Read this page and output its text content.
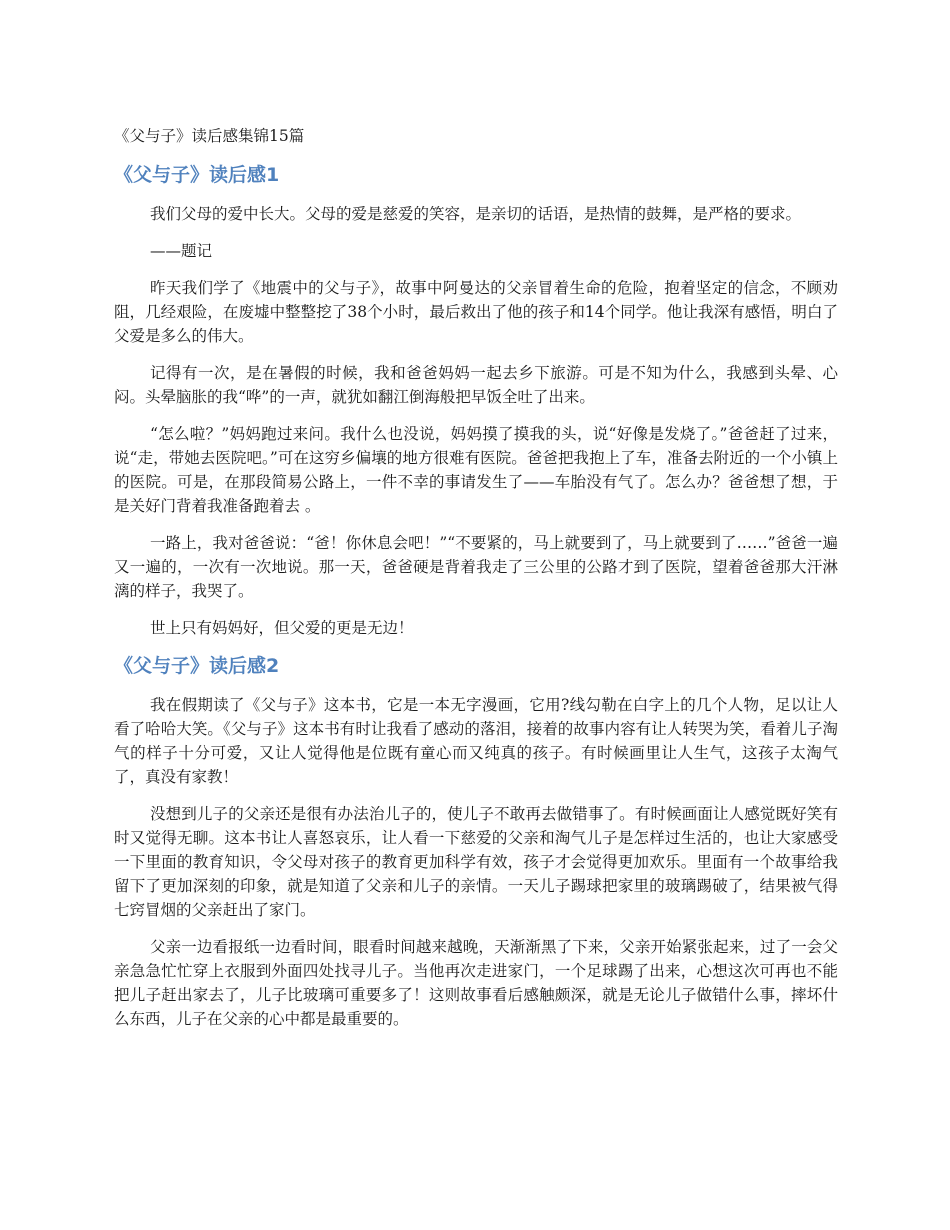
《父与子》读后感集锦15篇
《父与子》读后感1

我们父母的爱中长大。父母的爱是慈爱的笑容，是亲切的话语，是热情的鼓舞，是严格的要求。

——题记

昨天我们学了《地震中的父与子》，故事中阿曼达的父亲冒着生命的危险，抱着坚定的信念，不顾劝阻，几经艰险，在废墟中整整挖了38个小时，最后救出了他的孩子和14个同学。他让我深有感悟，明白了父爱是多么的伟大。

记得有一次，是在暑假的时候，我和爸爸妈妈一起去乡下旅游。可是不知为什么，我感到头晕、心闷。头晕脑胀的我“哗”的一声，就犹如翻江倒海般把早饭全吐了出来。

“怎么啦？”妈妈跑过来问。我什么也没说，妈妈摸了摸我的头，说“好像是发烧了。”爸爸赶了过来，说“走，带她去医院吧。”可在这穷乡偏壤的地方很难有医院。爸爸把我抱上了车，准备去附近的一个小镇上的医院。可是，在那段简易公路上，一件不幸的事请发生了——车胎没有气了。怎么办？爸爸想了想，于是关好门背着我准备跑着去 。

一路上，我对爸爸说：“爸！你休息会吧！”“不要紧的，马上就要到了，马上就要到了……”爸爸一遍又一遍的，一次有一次地说。那一天，爸爸硬是背着我走了三公里的公路才到了医院，望着爸爸那大汗淋漓的样子，我哭了。

世上只有妈妈好，但父爱的更是无边！

《父与子》读后感2

我在假期读了《父与子》这本书，它是一本无字漫画，它用?线勾勒在白字上的几个人物，足以让人看了哈哈大笑。《父与子》这本书有时让我看了感动的落泪，接着的故事内容有让人转哭为笑，看着儿子淘气的样子十分可爱，又让人觉得他是位既有童心而又纯真的孩子。有时候画里让人生气，这孩子太淘气了，真没有家教！

没想到儿子的父亲还是很有办法治儿子的，使儿子不敢再去做错事了。有时候画面让人感觉既好笑有时又觉得无聊。这本书让人喜怒哀乐，让人看一下慈爱的父亲和淘气儿子是怎样过生活的，也让大家感受一下里面的教育知识，令父母对孩子的教育更加科学有效，孩子才会觉得更加欢乐。里面有一个故事给我留下了更加深刻的印象，就是知道了父亲和儿子的亲情。一天儿子踢球把家里的玻璃踢破了，结果被气得七窍冒烟的父亲赶出了家门。

父亲一边看报纸一边看时间，眼看时间越来越晚，天渐渐黑了下来，父亲开始紧张起来，过了一会父亲急急忙忙穿上衣服到外面四处找寻儿子。当他再次走进家门，一个足球踢了出来，心想这次可再也不能把儿子赶出家去了，儿子比玻璃可重要多了！这则故事看后感触颇深，就是无论儿子做错什么事，摔坏什么东西，儿子在父亲的心中都是最重要的。
